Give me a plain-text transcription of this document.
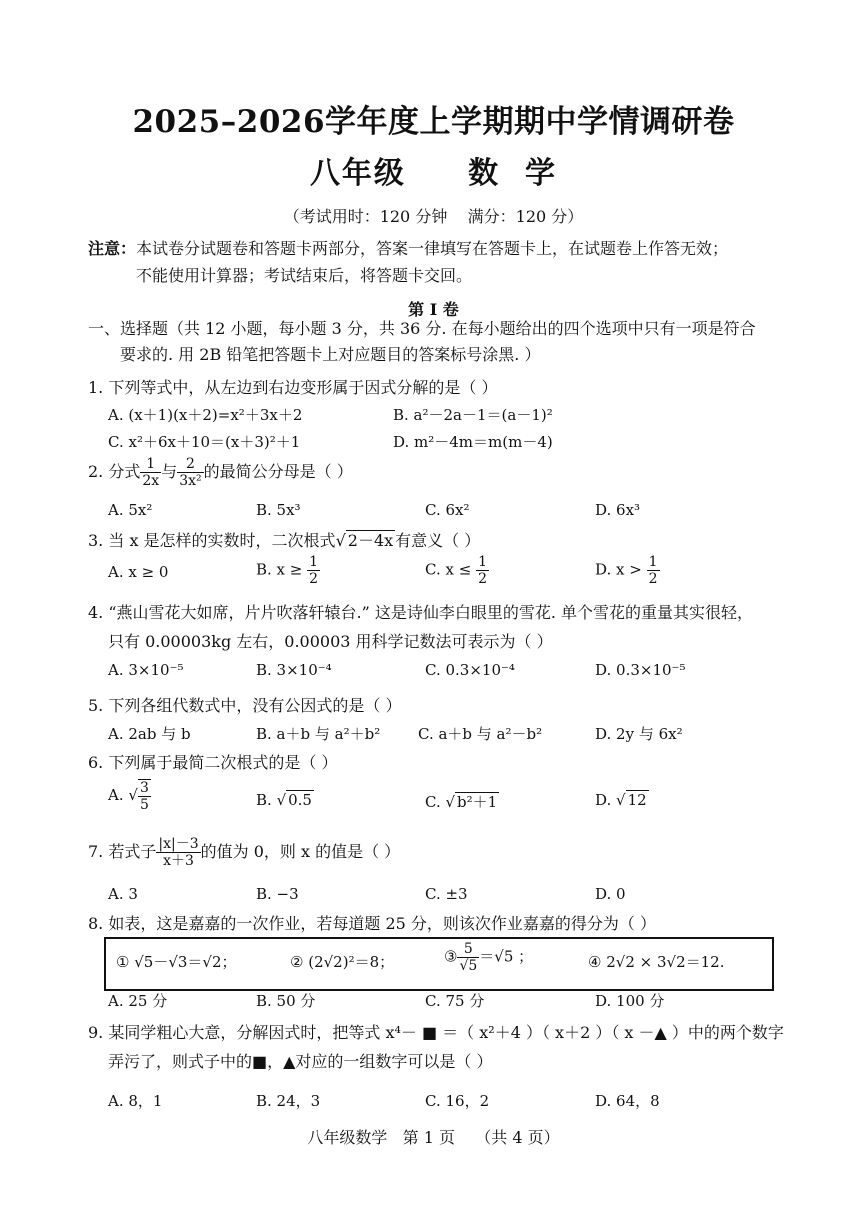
2025–2026学年度上学期期中学情调研卷
八年级     数  学
（考试用时：120 分钟    满分：120 分）
注意：本试卷分试题卷和答题卡两部分，答案一律填写在答题卡上，在试题卷上作答无效；
不能使用计算器；考试结束后，将答题卡交回。
第 I 卷
一、选择题（共 12 小题，每小题 3 分，共 36 分. 在每小题给出的四个选项中只有一项是符合
要求的. 用 2B 铅笔把答题卡上对应题目的答案标号涂黑. ）
1. 下列等式中，从左边到右边变形属于因式分解的是（ ）
A. (x＋1)(x＋2)=x²＋3x＋2	B. a²－2a－1＝(a－1)²
C. x²＋6x＋10＝(x＋3)²＋1	D. m²－4m＝m(m－4)
2. 分式 $\frac{1}{2x}$ 与 $\frac{2}{\text{3x²}}$ 的最简公分母是（ ）
A. 5x²	B. 5x³	C. 6x²	D. 6x³
3. 当 x 是怎样的实数时，二次根式√ 2－4x 有意义（ ）
A. x ≥ 0	B. $x \ge \frac{1}{2}$	C. $x \le \frac{1}{2}$	D. $x > \frac{1}{2}$
4. “燕山雪花大如席，片片吹落轩辕台.” 这是诗仙李白眼里的雪花. 单个雪花的重量其实很轻，
只有 0.00003kg 左右，0.00003 用科学记数法可表示为（ ）
A. 3×10⁻⁵	B. 3×10⁻⁴	C. 0.3×10⁻⁴	D. 0.3×10⁻⁵
5. 下列各组代数式中，没有公因式的是（ ）
A. 2ab 与 b	B. a＋b 与 a²＋b²	C. a＋b 与 a²－b²	D. 2y 与 6x²
6. 下列属于最简二次根式的是（ ）
A. √ $\frac{3}{5}$	B. √ 0.5	C. √ b²＋1	D. √ 12
7. 若式子 $\frac{|x|-3}{x+3}$ 的值为 0，则 x 的值是（ ）
A. 3	B. −3	C. ±3	D. 0
8. 如表，这是嘉嘉的一次作业，若每道题 25 分，则该次作业嘉嘉的得分为（ ）
① √5－√3＝√2；	② (2√2)²＝8；	③ $\frac{5}{√5} =√5$ ；	④ 2√2 × 3√2＝12.
A. 25 分	B. 50 分	C. 75 分	D. 100 分
9. 某同学粗心大意，分解因式时，把等式 x⁴－ ■ ＝（ x²＋4 ）（ x＋2 ）（ x －▲ ）中的两个数字
弄污了，则式子中的■，▲对应的一组数字可以是（ ）
A. 8，1	B. 24，3	C. 16，2	D. 64，8
八年级数学   第 1 页    （共 4 页）
